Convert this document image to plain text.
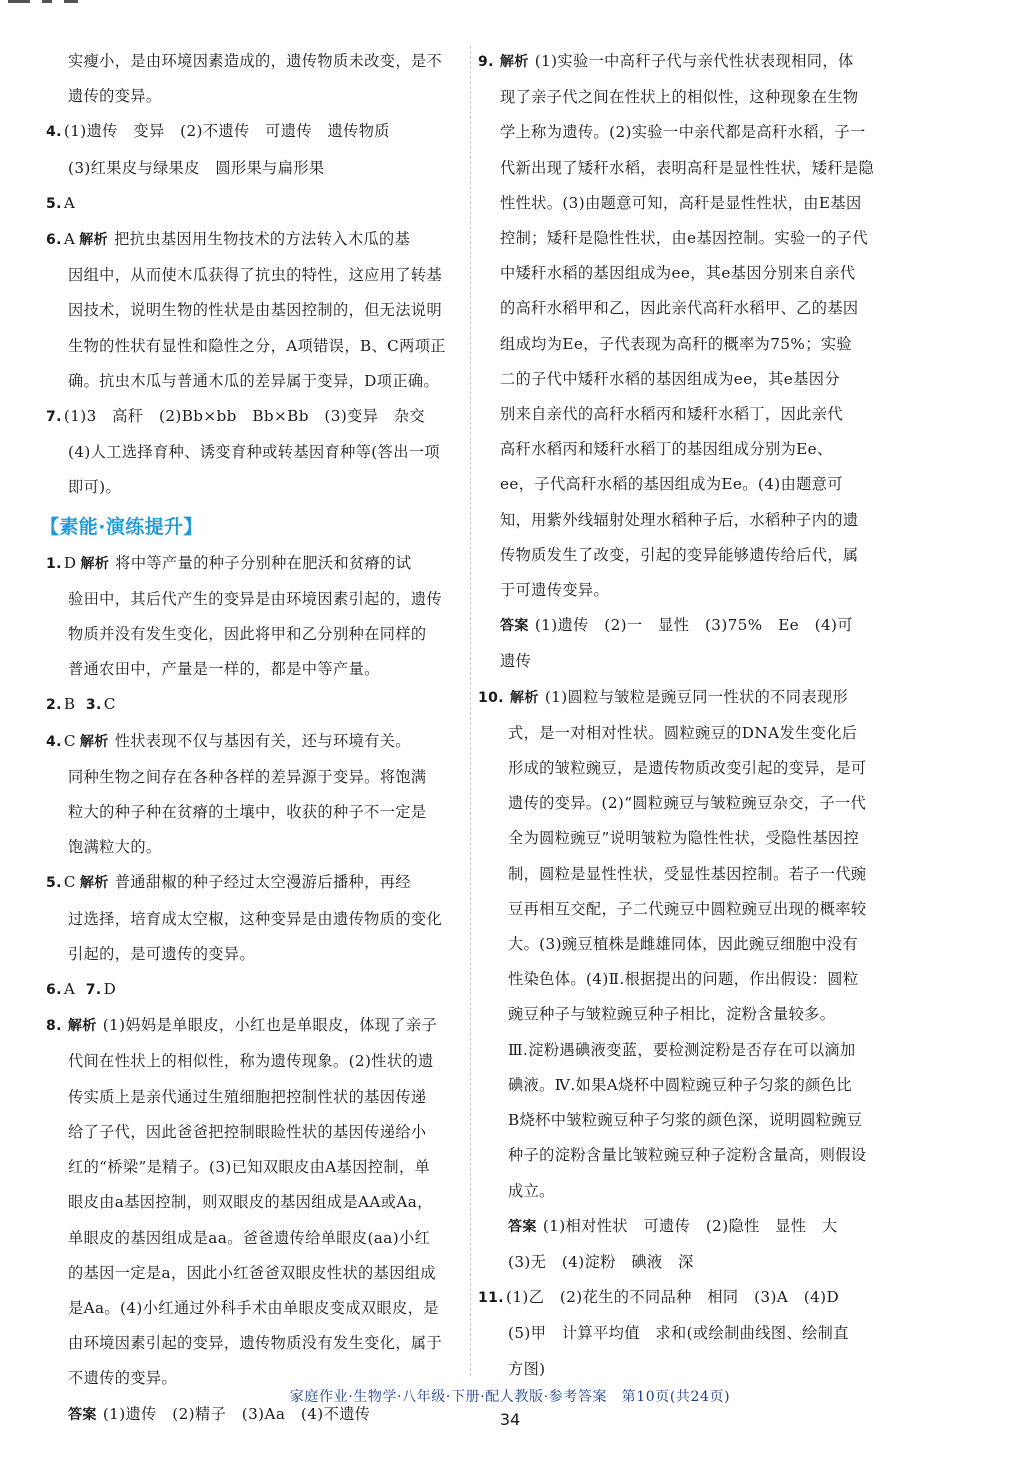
实瘦小，是由环境因素造成的，遗传物质未改变，是不

遗传的变异。

4. (1)遗传　变异　(2)不遗传　可遗传　遗传物质

(3)红果皮与绿果皮　圆形果与扁形果

5. A

6. A 解析 把抗虫基因用生物技术的方法转入木瓜的基

因组中，从而使木瓜获得了抗虫的特性，这应用了转基

因技术，说明生物的性状是由基因控制的，但无法说明

生物的性状有显性和隐性之分，A项错误，B、C两项正

确。抗虫木瓜与普通木瓜的差异属于变异，D项正确。

7. (1)3　高秆　(2)Bb×bb　Bb×Bb　(3)变异　杂交

(4)人工选择育种、诱变育种或转基因育种等(答出一项

即可)。

【素能·演练提升】

1. D 解析 将中等产量的种子分别种在肥沃和贫瘠的试

验田中，其后代产生的变异是由环境因素引起的，遗传

物质并没有发生变化，因此将甲和乙分别种在同样的

普通农田中，产量是一样的，都是中等产量。

2. B 3. C

4. C 解析 性状表现不仅与基因有关，还与环境有关。

同种生物之间存在各种各样的差异源于变异。将饱满

粒大的种子种在贫瘠的土壤中，收获的种子不一定是

饱满粒大的。

5. C 解析 普通甜椒的种子经过太空漫游后播种，再经

过选择，培育成太空椒，这种变异是由遗传物质的变化

引起的，是可遗传的变异。

6. A 7. D

8. 解析 (1)妈妈是单眼皮，小红也是单眼皮，体现了亲子

代间在性状上的相似性，称为遗传现象。(2)性状的遗

传实质上是亲代通过生殖细胞把控制性状的基因传递

给了子代，因此爸爸把控制眼睑性状的基因传递给小

红的“桥梁”是精子。(3)已知双眼皮由A基因控制，单

眼皮由a基因控制，则双眼皮的基因组成是AA或Aa，

单眼皮的基因组成是aa。爸爸遗传给单眼皮(aa)小红

的基因一定是a，因此小红爸爸双眼皮性状的基因组成

是Aa。(4)小红通过外科手术由单眼皮变成双眼皮，是

由环境因素引起的变异，遗传物质没有发生变化，属于

不遗传的变异。

答案 (1)遗传　(2)精子　(3)Aa　(4)不遗传

9. 解析 (1)实验一中高秆子代与亲代性状表现相同，体

现了亲子代之间在性状上的相似性，这种现象在生物

学上称为遗传。(2)实验一中亲代都是高秆水稻，子一

代新出现了矮秆水稻，表明高秆是显性性状，矮秆是隐

性性状。(3)由题意可知，高秆是显性性状，由E基因

控制；矮秆是隐性性状，由e基因控制。实验一的子代

中矮秆水稻的基因组成为ee，其e基因分别来自亲代

的高秆水稻甲和乙，因此亲代高秆水稻甲、乙的基因

组成均为Ee，子代表现为高秆的概率为75%；实验

二的子代中矮秆水稻的基因组成为ee，其e基因分

别来自亲代的高秆水稻丙和矮秆水稻丁，因此亲代

高秆水稻丙和矮秆水稻丁的基因组成分别为Ee、

ee，子代高秆水稻的基因组成为Ee。(4)由题意可

知，用紫外线辐射处理水稻种子后，水稻种子内的遗

传物质发生了改变，引起的变异能够遗传给后代，属

于可遗传变异。

答案 (1)遗传　(2)一　显性　(3)75%　Ee　(4)可

遗传

10. 解析 (1)圆粒与皱粒是豌豆同一性状的不同表现形

式，是一对相对性状。圆粒豌豆的DNA发生变化后

形成的皱粒豌豆，是遗传物质改变引起的变异，是可

遗传的变异。(2)“圆粒豌豆与皱粒豌豆杂交，子一代

全为圆粒豌豆”说明皱粒为隐性性状，受隐性基因控

制，圆粒是显性性状，受显性基因控制。若子一代豌

豆再相互交配，子二代豌豆中圆粒豌豆出现的概率较

大。(3)豌豆植株是雌雄同体，因此豌豆细胞中没有

性染色体。(4)Ⅱ.根据提出的问题，作出假设：圆粒

豌豆种子与皱粒豌豆种子相比，淀粉含量较多。

Ⅲ.淀粉遇碘液变蓝，要检测淀粉是否存在可以滴加

碘液。Ⅳ.如果A烧杯中圆粒豌豆种子匀浆的颜色比

B烧杯中皱粒豌豆种子匀浆的颜色深，说明圆粒豌豆

种子的淀粉含量比皱粒豌豆种子淀粉含量高，则假设

成立。

答案 (1)相对性状　可遗传　(2)隐性　显性　大

(3)无　(4)淀粉　碘液　深

11. (1)乙　(2)花生的不同品种　相同　(3)A　(4)D

(5)甲　计算平均值　求和(或绘制曲线图、绘制直

方图)

家庭作业·生物学·八年级·下册·配人教版·参考答案　第10页(共24页)
34
